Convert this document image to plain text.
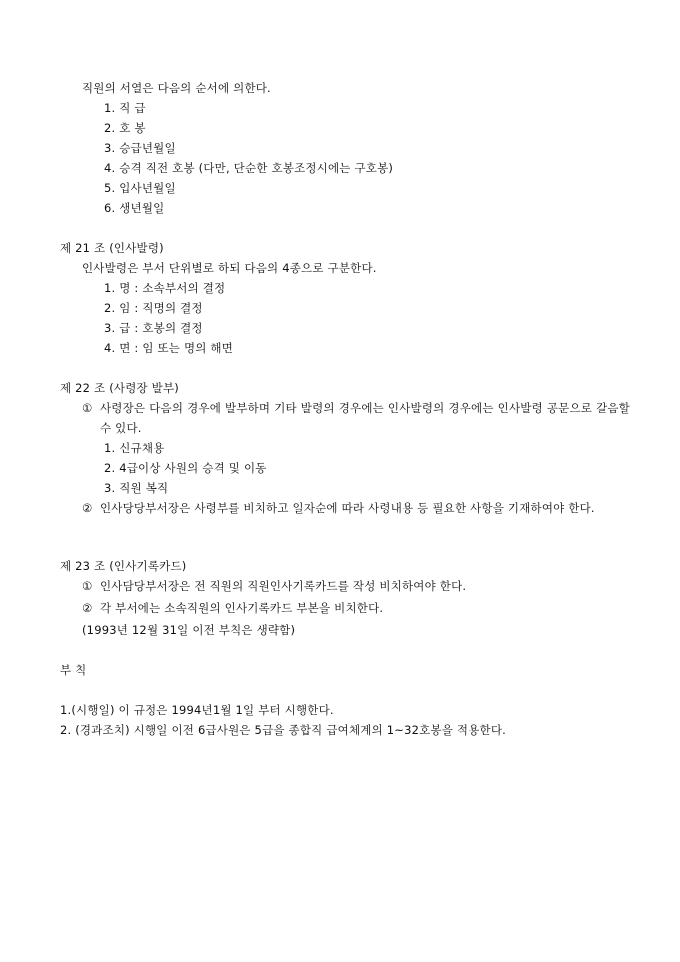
직원의 서열은 다음의 순서에 의한다.
1. 직 급
2. 호 봉
3. 승급년월일
4. 승격 직전 호봉 (다만, 단순한 호봉조정시에는 구호봉)
5. 입사년월일
6. 생년월일
제 21 조 (인사발령)
인사발령은 부서 단위별로 하되 다음의 4종으로 구분한다.
1. 명 : 소속부서의 결정
2. 임 : 직명의 결정
3. 급 : 호봉의 결정
4. 면 : 임 또는 명의 해면
제 22 조 (사령장 발부)
① 사령장은 다음의 경우에 발부하며 기타 발령의 경우에는 인사발령의 경우에는 인사발령 공문으로 갈음할 수 있다.
1. 신규채용
2. 4급이상 사원의 승격 및 이동
3. 직원 복직
② 인사당당부서장은 사령부를 비치하고 일자순에 따라 사령내용 등 필요한 사항을 기재하여야 한다.
제 23 조 (인사기록카드)
① 인사담당부서장은 전 직원의 직원인사기록카드를 작성 비치하여야 한다.
② 각 부서에는 소속직원의 인사기록카드 부본을 비치한다.
(1993년 12월 31일 이전 부칙은 생략함)
부 칙
1.(시행일) 이 규정은 1994년1월 1일 부터 시행한다.
2. (경과조치) 시행일 이전 6급사원은 5급을 종합직 급여체계의 1~32호봉을 적용한다.
